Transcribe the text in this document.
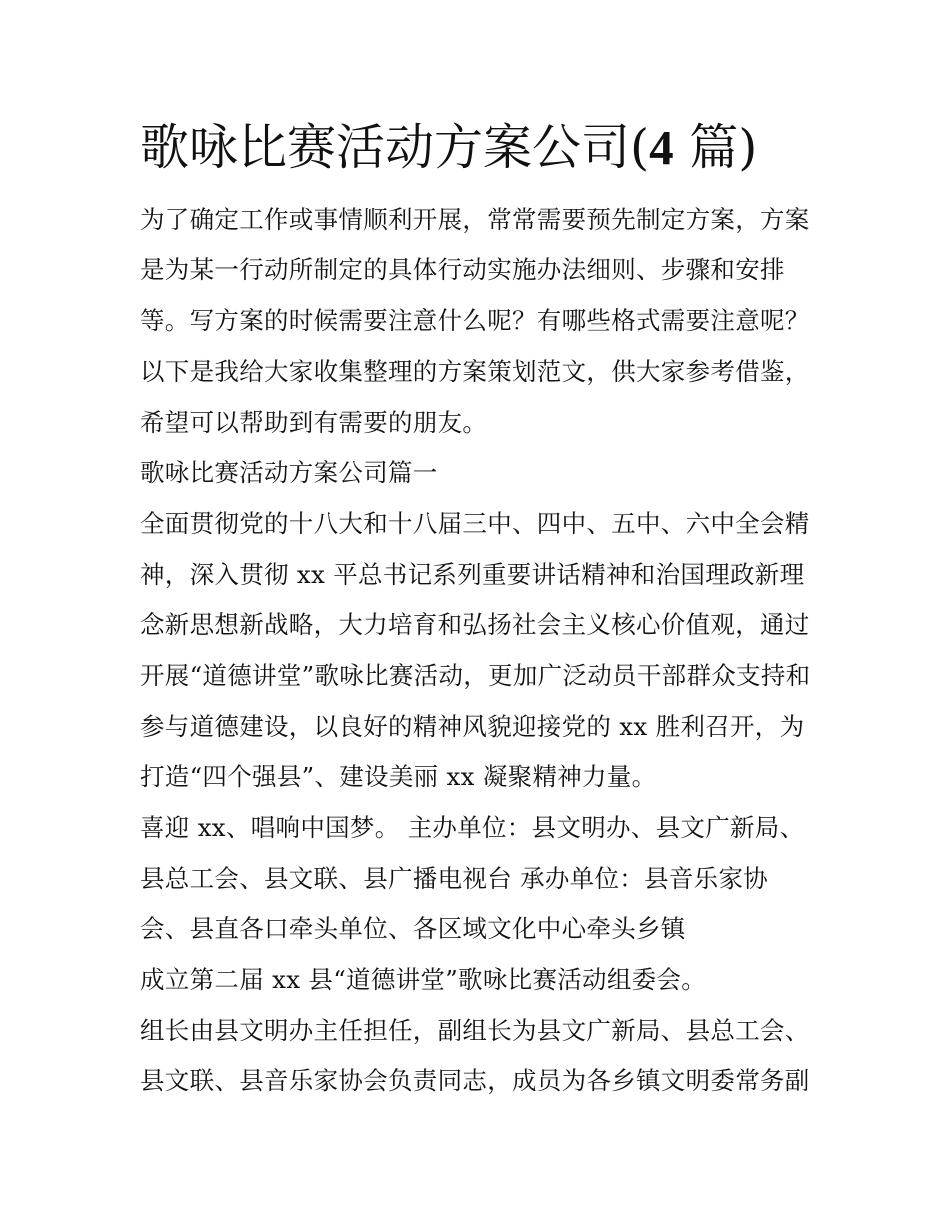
歌咏比赛活动方案公司(4 篇)

为了确定工作或事情顺利开展，常常需要预先制定方案，方案

是为某一行动所制定的具体行动实施办法细则、步骤和安排

等。写方案的时候需要注意什么呢？有哪些格式需要注意呢？

以下是我给大家收集整理的方案策划范文，供大家参考借鉴，

希望可以帮助到有需要的朋友。

歌咏比赛活动方案公司篇一

全面贯彻党的十八大和十八届三中、四中、五中、六中全会精

神，深入贯彻 xx 平总书记系列重要讲话精神和治国理政新理

念新思想新战略，大力培育和弘扬社会主义核心价值观，通过

开展“道德讲堂”歌咏比赛活动，更加广泛动员干部群众支持和

参与道德建设，以良好的精神风貌迎接党的 xx 胜利召开，为

打造“四个强县”、建设美丽 xx 凝聚精神力量。

喜迎 xx、唱响中国梦。 主办单位：县文明办、县文广新局、

县总工会、县文联、县广播电视台 承办单位：县音乐家协

会、县直各口牵头单位、各区域文化中心牵头乡镇

成立第二届 xx 县“道德讲堂”歌咏比赛活动组委会。

组长由县文明办主任担任，副组长为县文广新局、县总工会、

县文联、县音乐家协会负责同志，成员为各乡镇文明委常务副
